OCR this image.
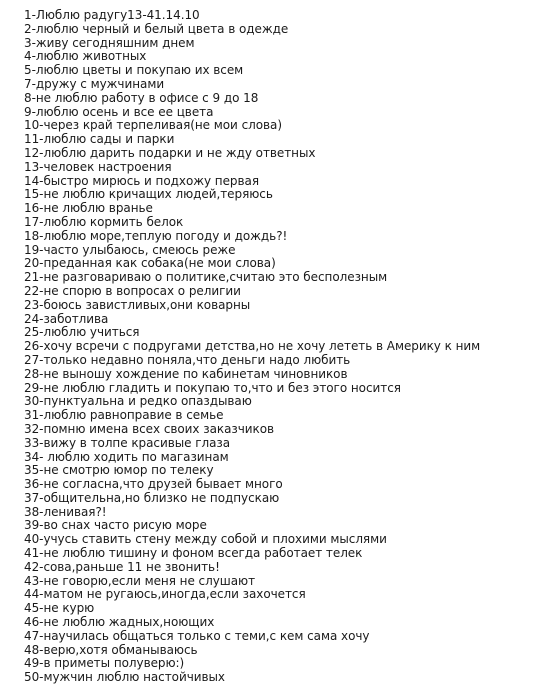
1-Люблю радугу13-41.14.10
2-люблю черный и белый цвета в одежде
3-живу сегодняшним днем
4-люблю животных
5-люблю цветы и покупаю их всем
7-дружу с мужчинами
8-не люблю работу в офисе с 9 до 18
9-люблю осень и все ее цвета
10-через край терпеливая(не мои слова)
11-люблю сады и парки
12-люблю дарить подарки и не жду ответных
13-человек настроения
14-быстро мирюсь и подхожу первая
15-не люблю кричащих людей,теряюсь
16-не люблю вранье
17-люблю кормить белок
18-люблю море,теплую погоду и дождь?!
19-часто улыбаюсь, смеюсь реже
20-преданная как собака(не мои слова)
21-не разговариваю о политике,считаю это бесполезным
22-не спорю в вопросах о религии
23-боюсь завистливых,они коварны
24-заботлива
25-люблю учиться
26-хочу всречи с подругами детства,но не хочу лететь в Америку к ним
27-только недавно поняла,что деньги надо любить
28-не выношу хождение по кабинетам чиновников
29-не люблю гладить и покупаю то,что и без этого носится
30-пунктуальна и редко опаздываю
31-люблю равноправие в семье
32-помню имена всех своих заказчиков
33-вижу в толпе красивые глаза
34- люблю ходить по магазинам
35-не смотрю юмор по телеку
36-не согласна,что друзей бывает много
37-общительна,но близко не подпускаю
38-ленивая?!
39-во снах часто рисую море
40-учусь ставить стену между собой и плохими мыслями
41-не люблю тишину и фоном всегда работает телек
42-сова,раньше 11 не звонить!
43-не говорю,если меня не слушают
44-матом не ругаюсь,иногда,если захочется
45-не курю
46-не люблю жадных,ноющих
47-научилась общаться только с теми,с кем сама хочу
48-верю,хотя обманываюсь
49-в приметы полуверю:)
50-мужчин люблю настойчивых
